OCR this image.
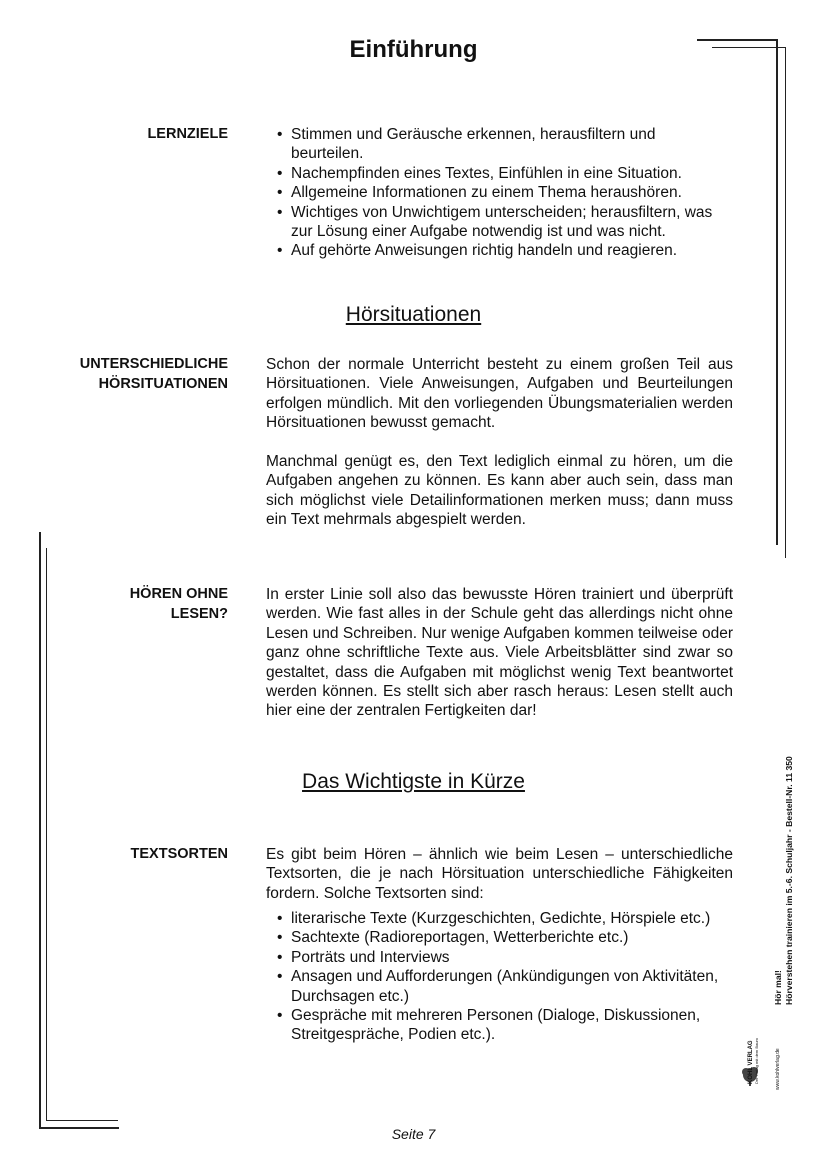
Einführung
LERNZIELE
•	Stimmen und Geräusche erkennen, herausfiltern und beurteilen.
• Nachempfinden eines Textes, Einfühlen in eine Situation.
• Allgemeine Informationen zu einem Thema heraushören.
• Wichtiges von Unwichtigem unterscheiden; herausfiltern, was zur Lösung einer Aufgabe notwendig ist und was nicht.
• Auf gehörte Anweisungen richtig handeln und reagieren.
Hörsituationen
UNTERSCHIEDLICHE
HÖRSITUATIONEN
Schon der normale Unterricht besteht zu einem großen Teil aus Hörsituationen. Viele Anweisungen, Aufgaben und Beurteilungen erfolgen mündlich. Mit den vorliegenden Übungsmaterialien werden Hörsituationen bewusst gemacht.
Manchmal genügt es, den Text lediglich einmal zu hören, um die Aufgaben angehen zu können. Es kann aber auch sein, dass man sich möglichst viele Detailinformationen merken muss; dann muss ein Text mehrmals abgespielt werden.
HÖREN OHNE
LESEN?
In erster Linie soll also das bewusste Hören trainiert und überprüft werden. Wie fast alles in der Schule geht das allerdings nicht ohne Lesen und Schreiben. Nur wenige Aufgaben kommen teilweise oder ganz ohne schriftliche Texte aus. Viele Arbeitsblätter sind zwar so gestaltet, dass die Aufgaben mit möglichst wenig Text beantwortet werden können. Es stellt sich aber rasch heraus: Lesen stellt auch hier eine der zentralen Fertigkeiten dar!
Das Wichtigste in Kürze
TEXTSORTEN Es gibt beim Hören – ähnlich wie beim Lesen – unterschiedliche Textsorten, die je nach Hörsituation unterschiedliche Fähigkeiten fordern. Solche Textsorten sind:
• literarische Texte (Kurzgeschichten, Gedichte, Hörspiele etc.)
• Sachtexte (Radioreportagen, Wetterberichte etc.)
• Porträts und Interviews
• Ansagen und Aufforderungen (Ankündigungen von Aktivitäten, Durchsagen etc.)
• Gespräche mit mehreren Personen (Dialoge, Diskussionen, Streitgespräche, Podien etc.).
Seite 7
Hör mal! Hörverstehen trainieren im 5.-6. Schuljahr - Bestell-Nr. 11 350
KOHL VERLAG Der Verlag mit dem Baum	www.kohlverlag.de
